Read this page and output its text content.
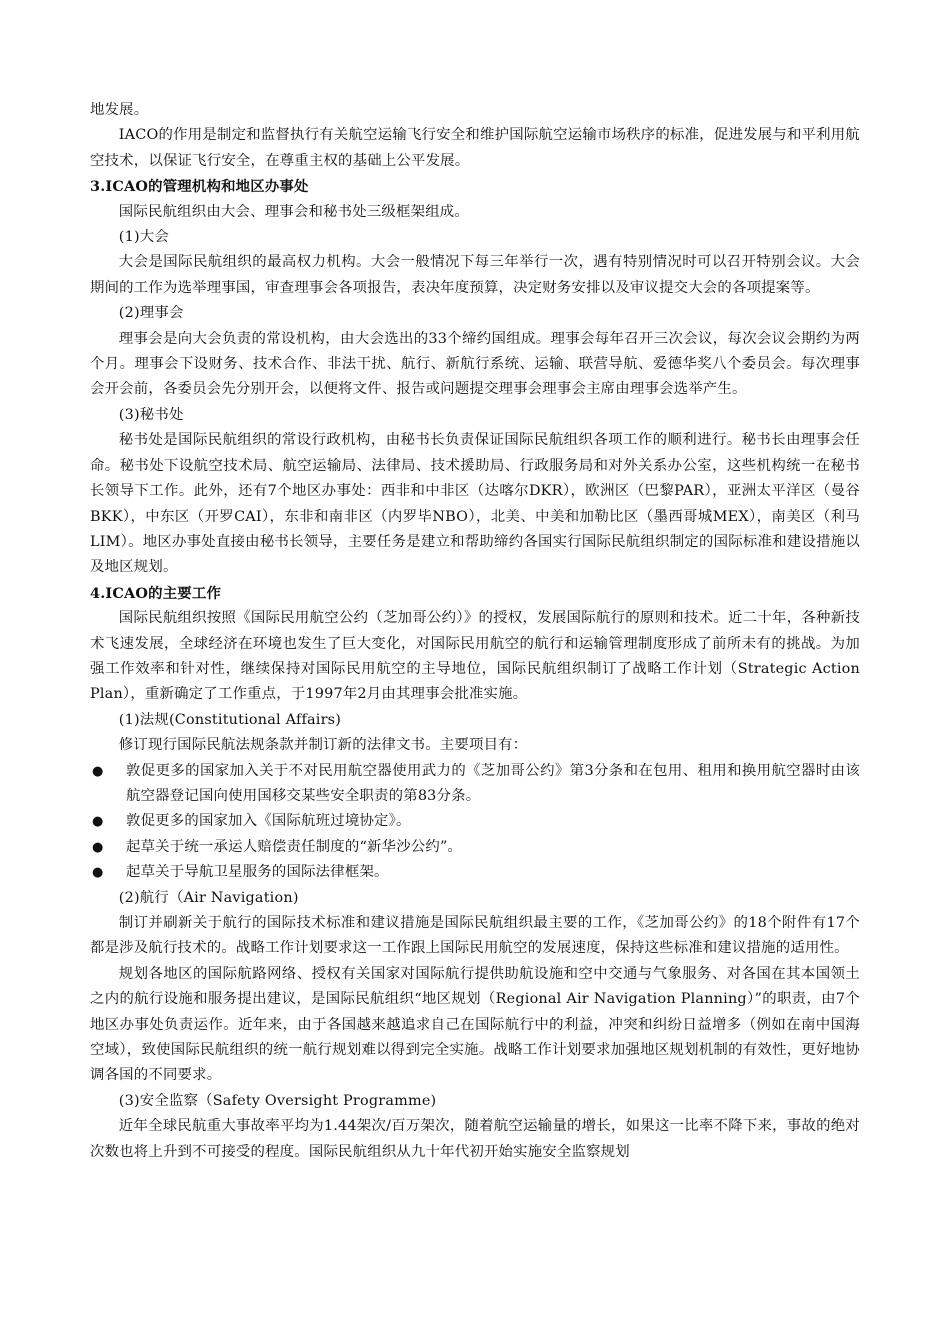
地发展。

IACO的作用是制定和监督执行有关航空运输飞行安全和维护国际航空运输市场秩序的标准，促进发展与和平利用航空技术，以保证飞行安全，在尊重主权的基础上公平发展。

3.ICAO的管理机构和地区办事处

国际民航组织由大会、理事会和秘书处三级框架组成。

(1)大会

大会是国际民航组织的最高权力机构。大会一般情况下每三年举行一次，遇有特别情况时可以召开特别会议。大会期间的工作为选举理事国，审查理事会各项报告，表决年度预算，决定财务安排以及审议提交大会的各项提案等。

(2)理事会

理事会是向大会负责的常设机构，由大会选出的33个缔约国组成。理事会每年召开三次会议，每次会议会期约为两个月。理事会下设财务、技术合作、非法干扰、航行、新航行系统、运输、联营导航、爱德华奖八个委员会。每次理事会开会前，各委员会先分别开会，以便将文件、报告或问题提交理事会理事会主席由理事会选举产生。

(3)秘书处

秘书处是国际民航组织的常设行政机构，由秘书长负责保证国际民航组织各项工作的顺利进行。秘书长由理事会任命。秘书处下设航空技术局、航空运输局、法律局、技术援助局、行政服务局和对外关系办公室，这些机构统一在秘书长领导下工作。此外，还有7个地区办事处：西非和中非区（达喀尔DKR），欧洲区（巴黎PAR），亚洲太平洋区（曼谷BKK），中东区（开罗CAI），东非和南非区（内罗毕NBO），北美、中美和加勒比区（墨西哥城MEX），南美区（利马LIM）。地区办事处直接由秘书长领导，主要任务是建立和帮助缔约各国实行国际民航组织制定的国际标准和建设措施以及地区规划。

4.ICAO的主要工作

国际民航组织按照《国际民用航空公约（芝加哥公约）》的授权，发展国际航行的原则和技术。近二十年，各种新技术飞速发展，全球经济在环境也发生了巨大变化，对国际民用航空的航行和运输管理制度形成了前所未有的挑战。为加强工作效率和针对性，继续保持对国际民用航空的主导地位，国际民航组织制订了战略工作计划（Strategic Action Plan），重新确定了工作重点，于1997年2月由其理事会批准实施。

(1)法规(Constitutional Affairs)

修订现行国际民航法规条款并制订新的法律文书。主要项目有：

● 敦促更多的国家加入关于不对民用航空器使用武力的《芝加哥公约》第3分条和在包用、租用和换用航空器时由该航空器登记国向使用国移交某些安全职责的第83分条。
● 敦促更多的国家加入《国际航班过境协定》。
● 起草关于统一承运人赔偿责任制度的“新华沙公约”。
● 起草关于导航卫星服务的国际法律框架。

(2)航行（Air Navigation)

制订并刷新关于航行的国际技术标准和建议措施是国际民航组织最主要的工作，《芝加哥公约》的18个附件有17个都是涉及航行技术的。战略工作计划要求这一工作跟上国际民用航空的发展速度，保持这些标准和建议措施的适用性。

规划各地区的国际航路网络、授权有关国家对国际航行提供助航设施和空中交通与气象服务、对各国在其本国领土之内的航行设施和服务提出建议，是国际民航组织“地区规划（Regional Air Navigation Planning）”的职责，由7个地区办事处负责运作。近年来，由于各国越来越追求自己在国际航行中的利益，冲突和纠纷日益增多（例如在南中国海空域），致使国际民航组织的统一航行规划难以得到完全实施。战略工作计划要求加强地区规划机制的有效性，更好地协调各国的不同要求。

(3)安全监察（Safety Oversight Programme)

近年全球民航重大事故率平均为1.44架次/百万架次，随着航空运输量的增长，如果这一比率不降下来，事故的绝对次数也将上升到不可接受的程度。国际民航组织从九十年代初开始实施安全监察规划
